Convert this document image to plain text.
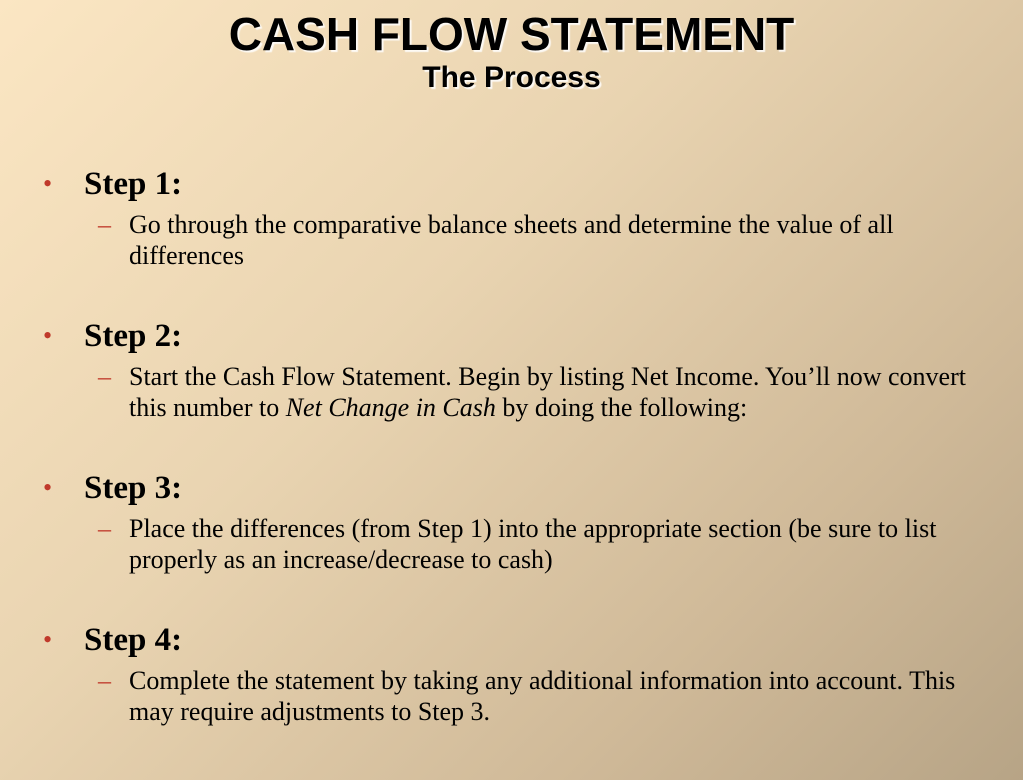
CASH FLOW STATEMENT
The Process
• Step 1:
– Go through the comparative balance sheets and determine the value of all differences
• Step 2:
– Start the Cash Flow Statement. Begin by listing Net Income. You’ll now convert this number to Net Change in Cash by doing the following:
• Step 3:
– Place the differences (from Step 1) into the appropriate section (be sure to list properly as an increase/decrease to cash)
• Step 4:
– Complete the statement by taking any additional information into account. This may require adjustments to Step 3.
